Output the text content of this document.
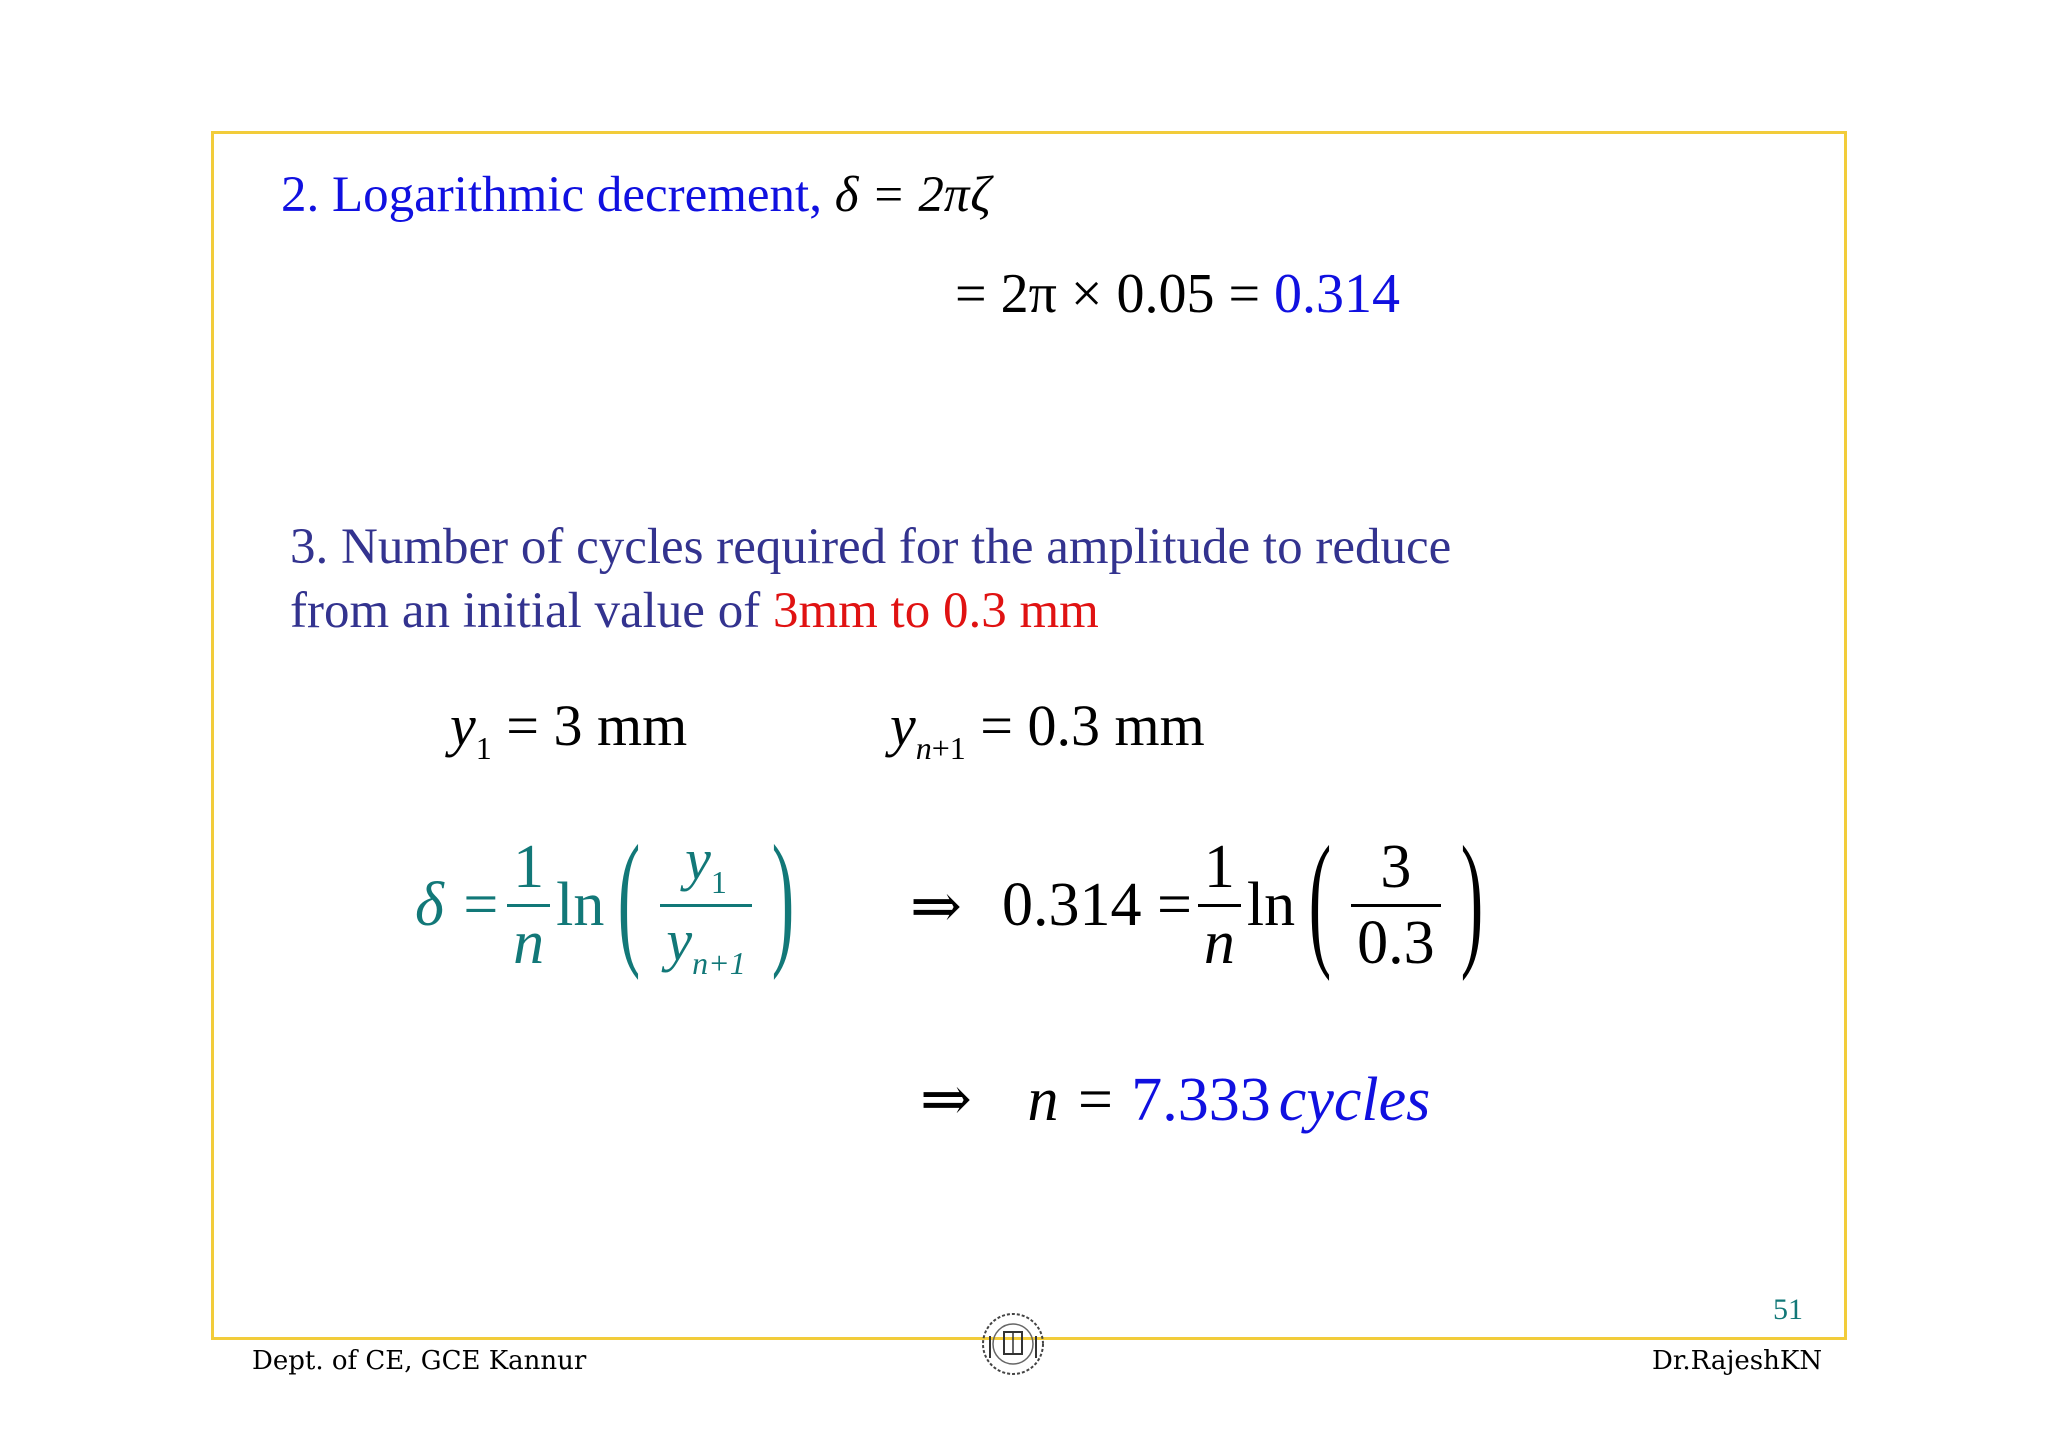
2. Logarithmic decrement, δ = 2πζ
= 2π × 0.05 = 0.314
3. Number of cycles required for the amplitude to reduce
from an initial value of 3mm to 0.3 mm
$y_1 = 3$ mm	$y_{n+1} = 0.3$ mm
$\delta = \frac{1}{n}$ ln ( $\frac{y_1}{y_{n+1}}$ ) ⇒ $0.314 = \frac{1}{n}$ ln ( $\frac{3}{0.3}$ )
⇒ n = 7.333 cycles
51
Dept. of CE, GCE Kannur	Dr.RajeshKN
